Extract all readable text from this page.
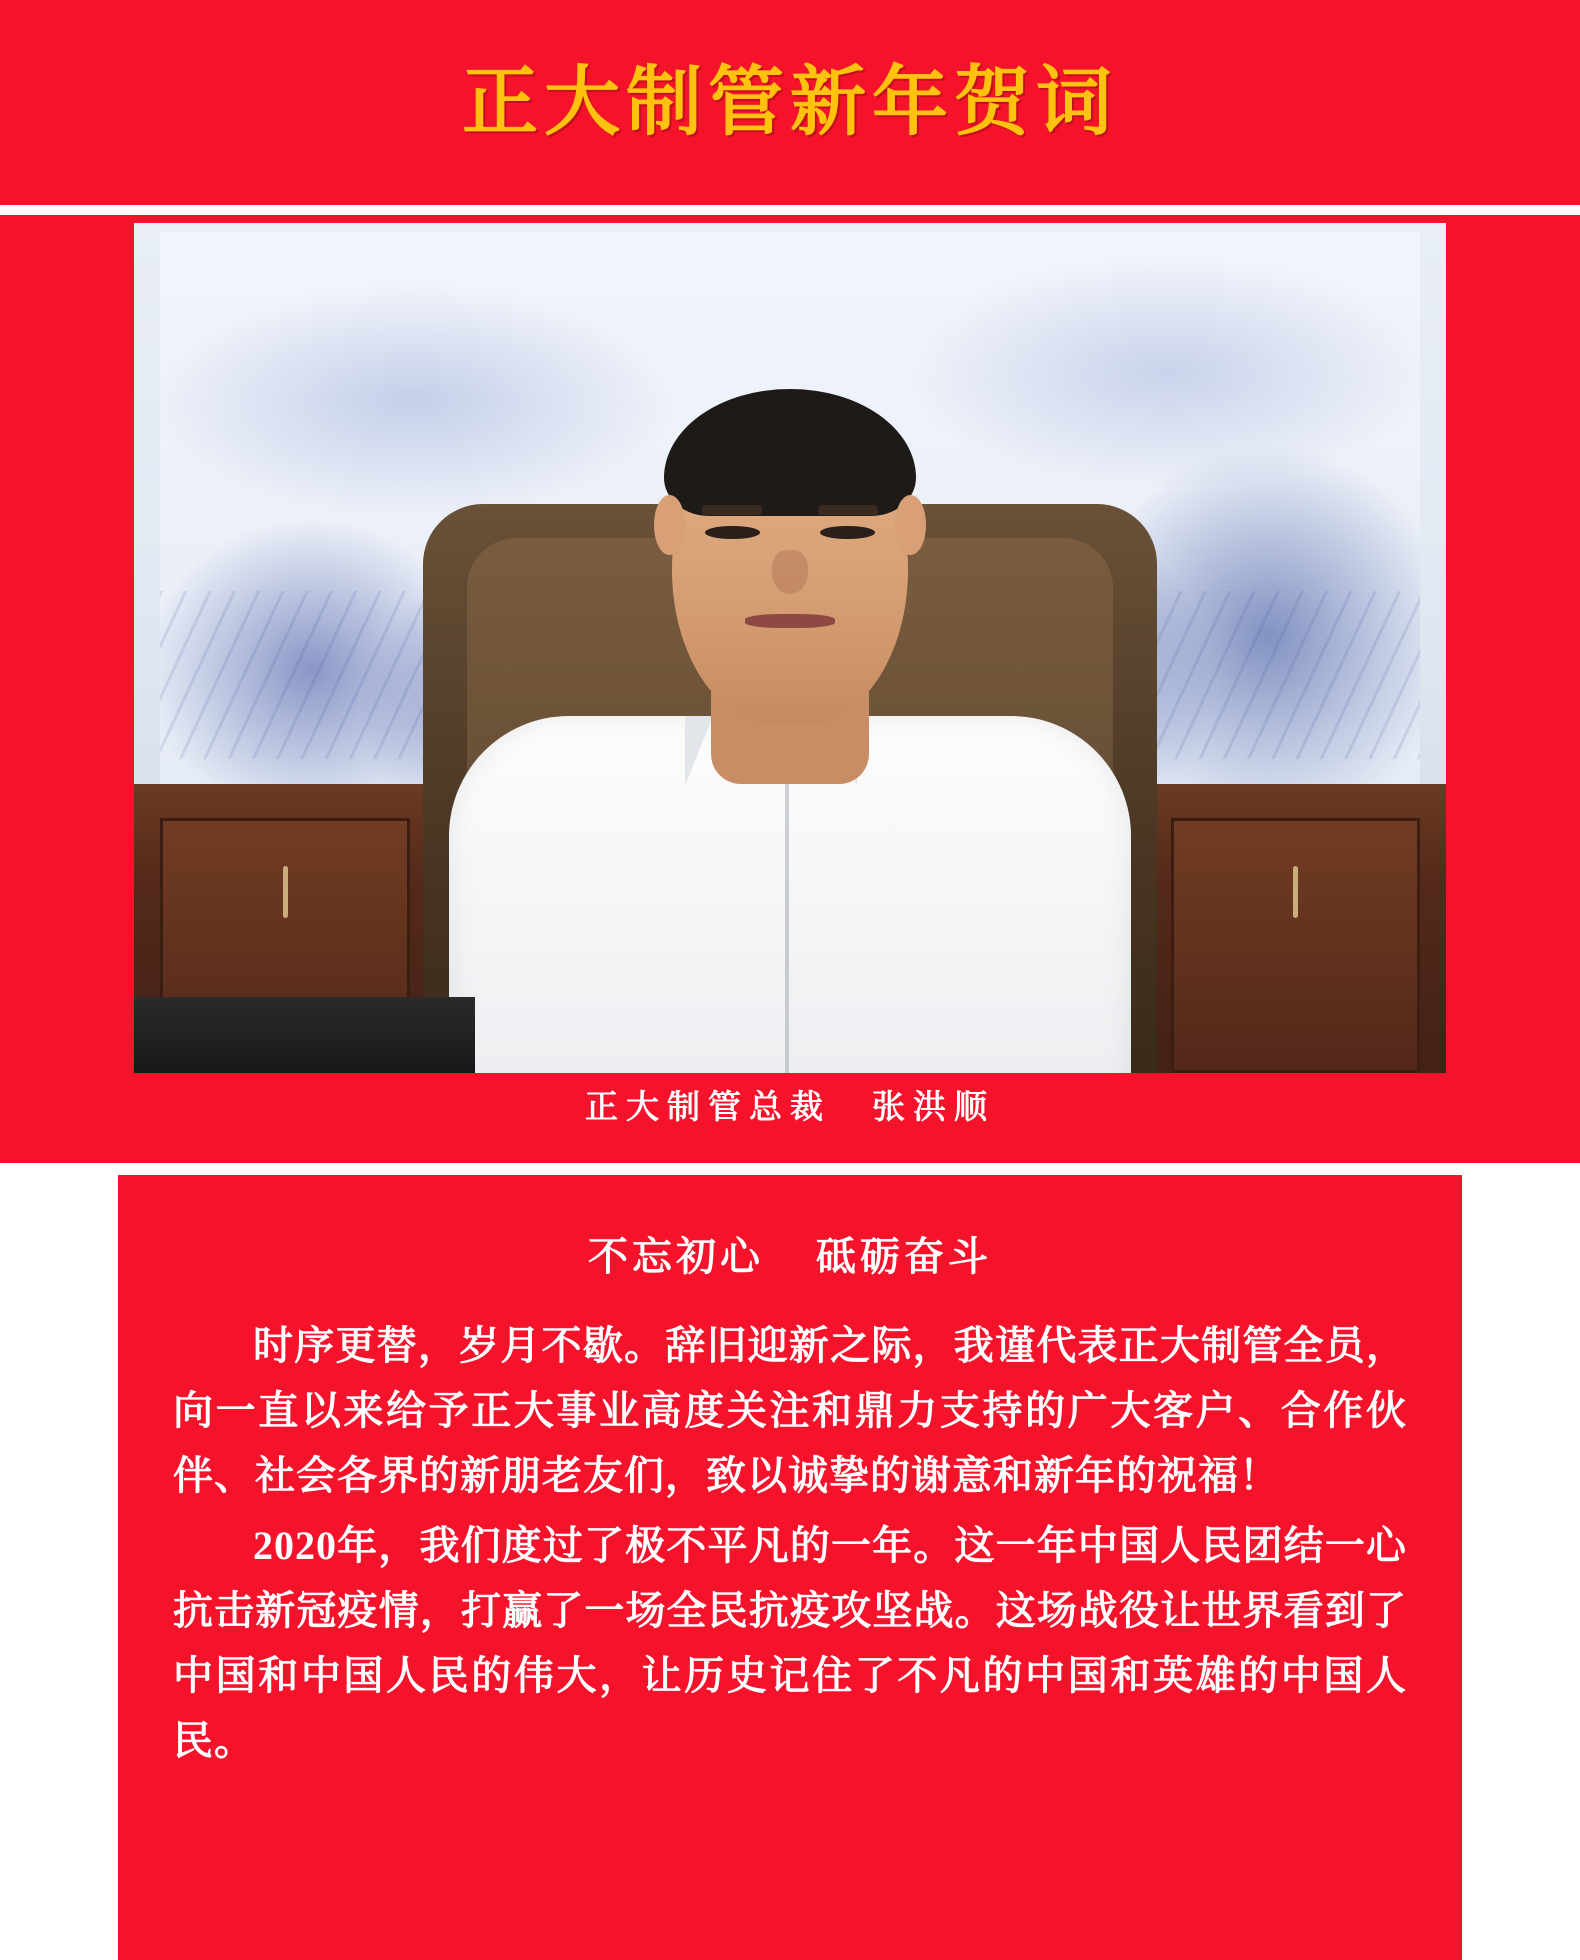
正大制管新年贺词
正大制管总裁　张洪顺
不忘初心 砥砺奋斗

时序更替，岁月不歇。辞旧迎新之际，我谨代表正大制管全员，向一直以来给予正大事业高度关注和鼎力支持的广大客户、合作伙伴、社会各界的新朋老友们，致以诚挚的谢意和新年的祝福！

2020年，我们度过了极不平凡的一年。这一年中国人民团结一心抗击新冠疫情，打赢了一场全民抗疫攻坚战。这场战役让世界看到了中国和中国人民的伟大，让历史记住了不凡的中国和英雄的中国人民。
